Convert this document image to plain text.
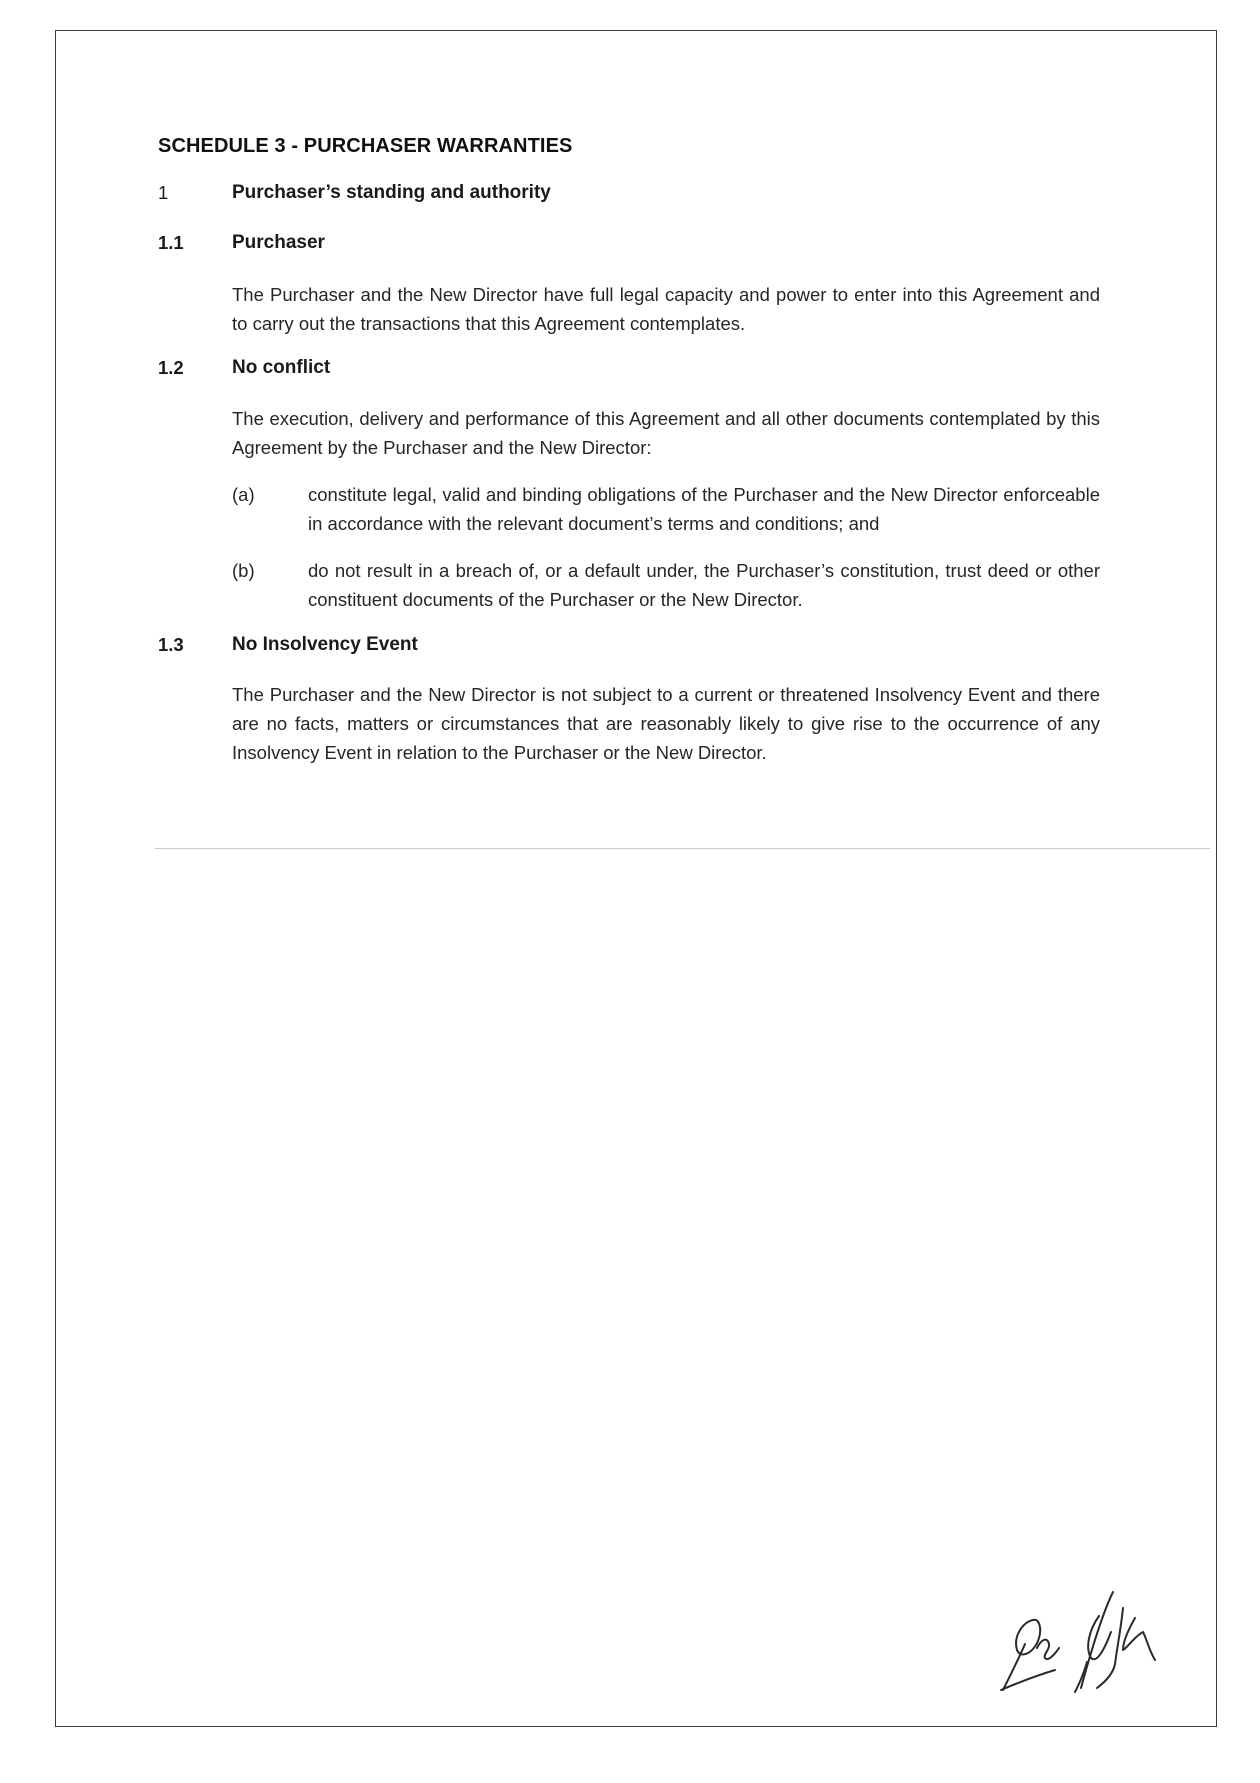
SCHEDULE 3 - PURCHASER WARRANTIES
1	Purchaser’s standing and authority
1.1	Purchaser
The Purchaser and the New Director have full legal capacity and power to enter into this Agreement and to carry out the transactions that this Agreement contemplates.
1.2	No conflict
The execution, delivery and performance of this Agreement and all other documents contemplated by this Agreement by the Purchaser and the New Director:
(a)	constitute legal, valid and binding obligations of the Purchaser and the New Director enforceable in accordance with the relevant document’s terms and conditions; and
(b)	do not result in a breach of, or a default under, the Purchaser’s constitution, trust deed or other constituent documents of the Purchaser or the New Director.
1.3	No Insolvency Event
The Purchaser and the New Director is not subject to a current or threatened Insolvency Event and there are no facts, matters or circumstances that are reasonably likely to give rise to the occurrence of any Insolvency Event in relation to the Purchaser or the New Director.
